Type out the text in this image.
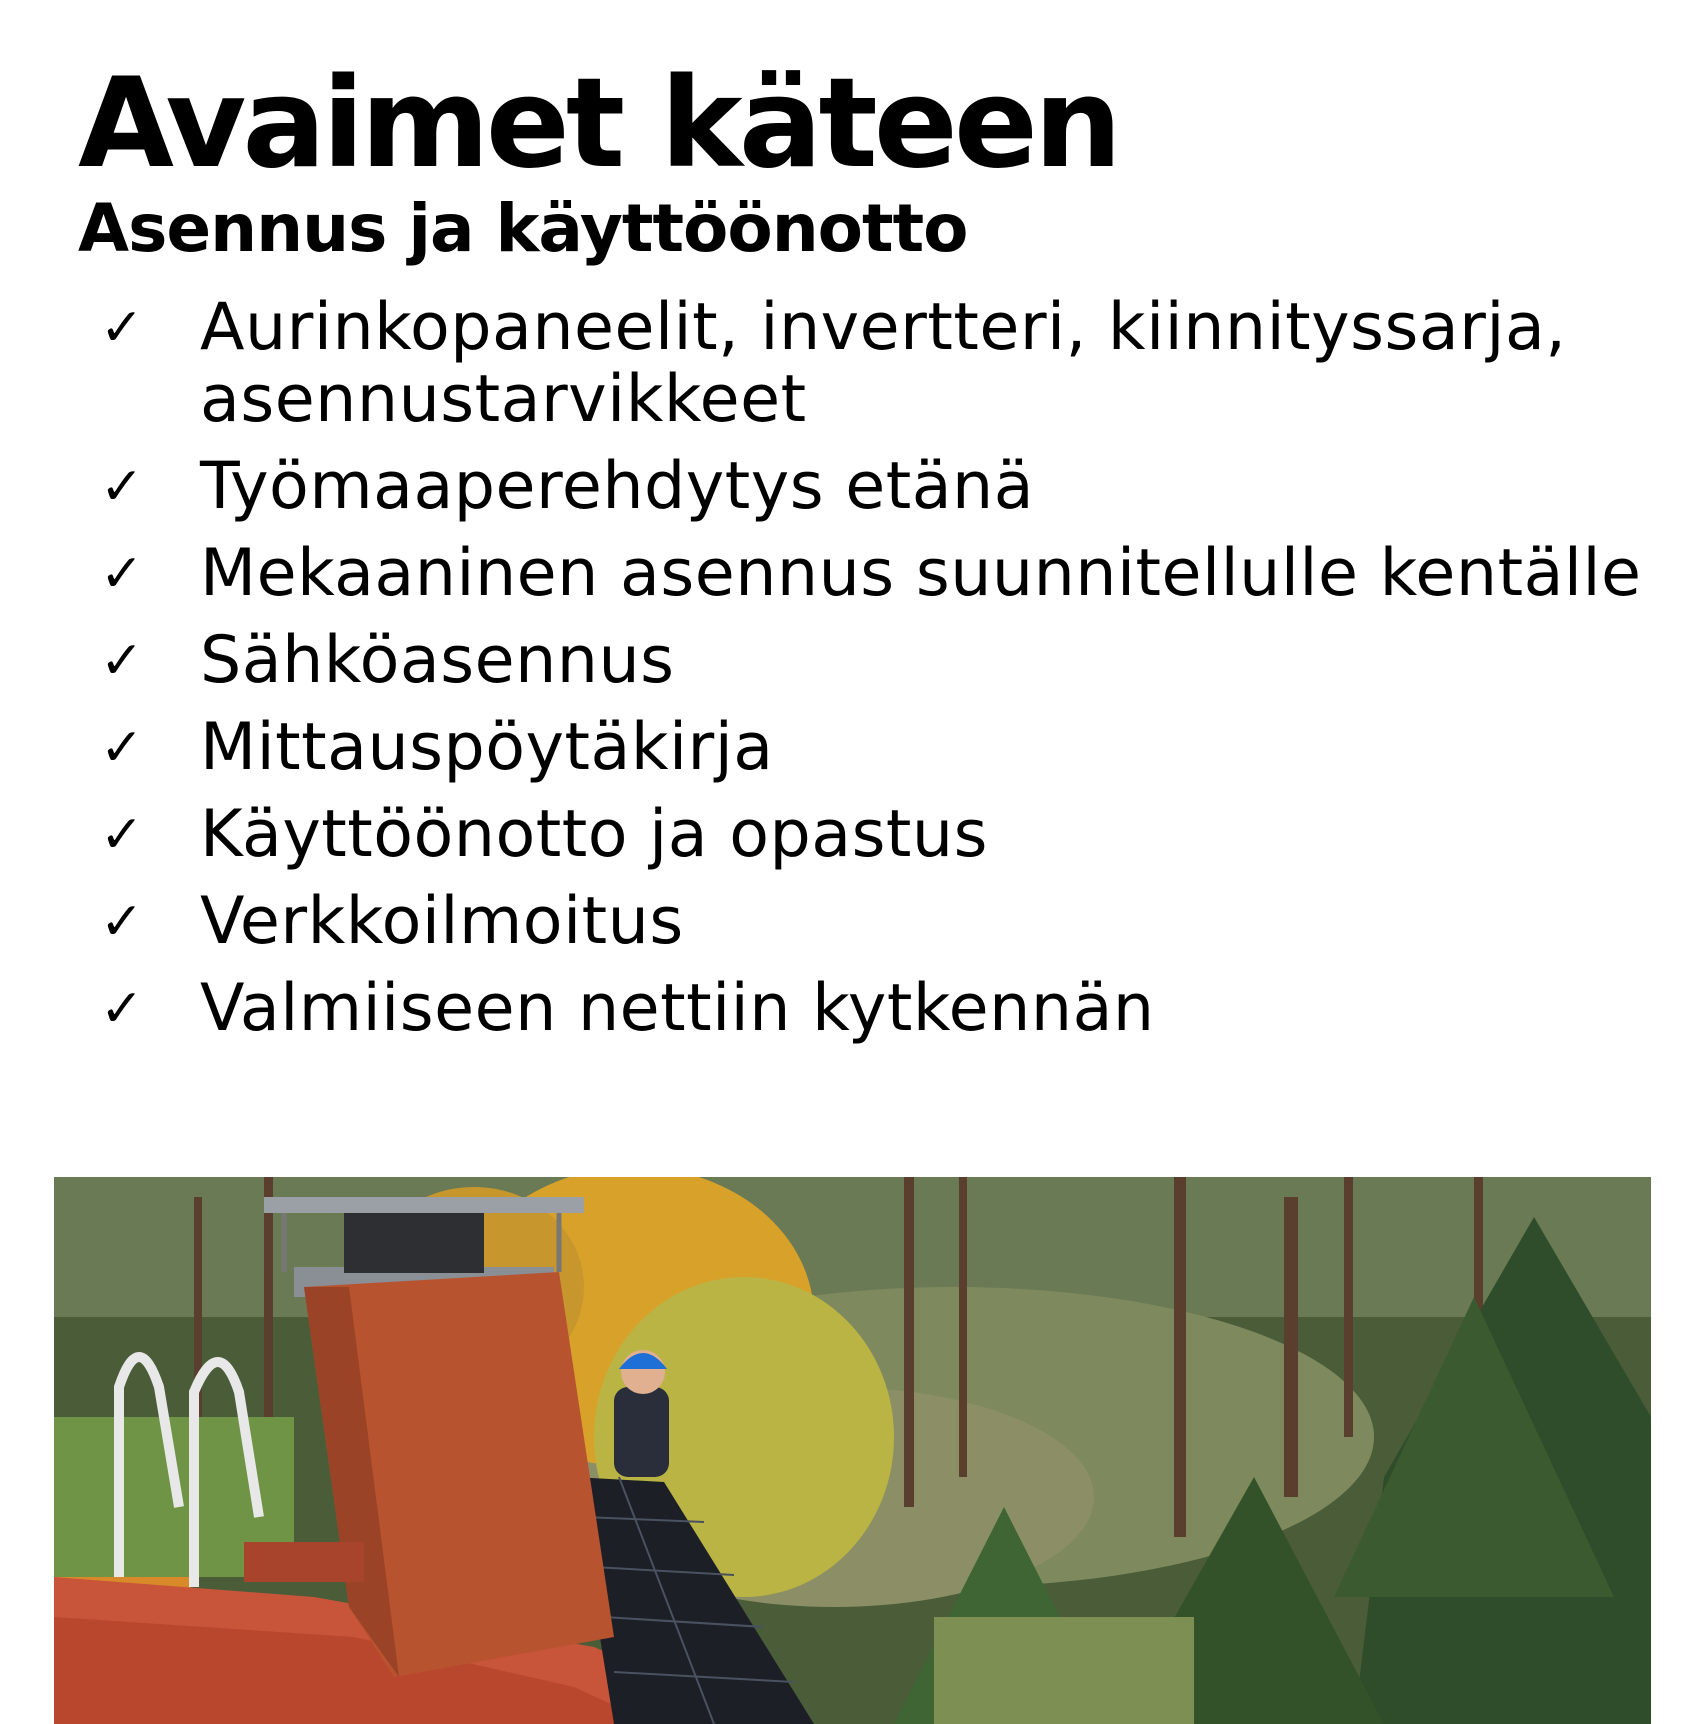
Avaimet käteen
Asennus ja käyttöönotto
✓ Aurinkopaneelit, invertteri, kiinnityssarja, asennustarvikkeet
✓ Työmaaperehdytys etänä
✓ Mekaaninen asennus suunnitellulle kentälle
✓ Sähköasennus
✓ Mittauspöytäkirja
✓ Käyttöönotto ja opastus
✓ Verkkoilmoitus
✓ Valmiiseen nettiin kytkennän
